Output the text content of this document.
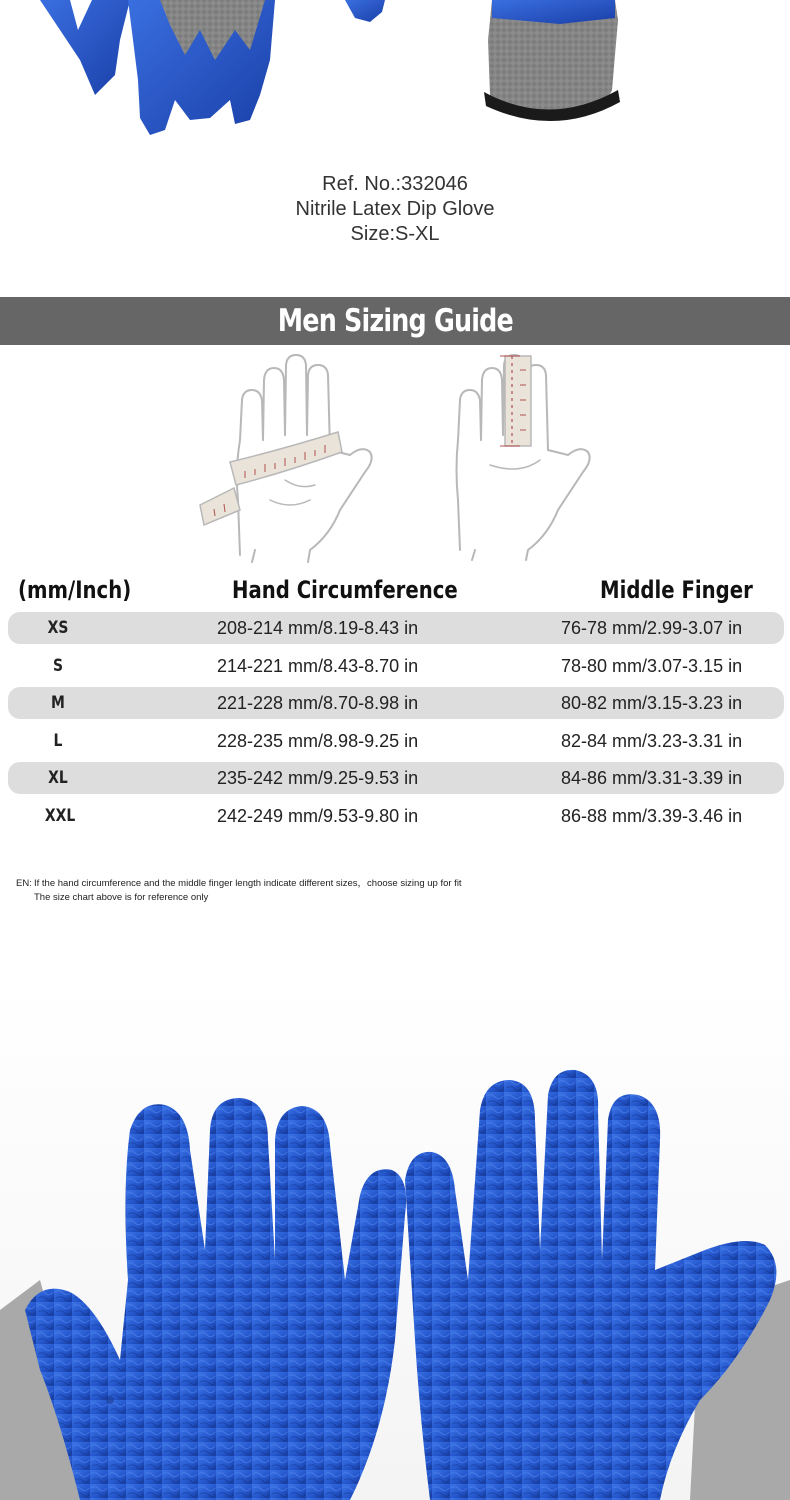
Ref. No.:332046
Nitrile Latex Dip Glove
Size:S-XL
Men Sizing Guide
(mm/Inch)	Hand Circumference	Middle Finger
XS	208-214 mm/8.19-8.43 in	76-78 mm/2.99-3.07 in
S	214-221 mm/8.43-8.70 in	78-80 mm/3.07-3.15 in
M	221-228 mm/8.70-8.98 in	80-82 mm/3.15-3.23 in
L	228-235 mm/8.98-9.25 in	82-84 mm/3.23-3.31 in
XL	235-242 mm/9.25-9.53 in	84-86 mm/3.31-3.39 in
XXL	242-249 mm/9.53-9.80 in	86-88 mm/3.39-3.46 in
EN: If the hand circumference and the middle finger length indicate different sizes，choose sizing up for fit
The size chart above is for reference only
